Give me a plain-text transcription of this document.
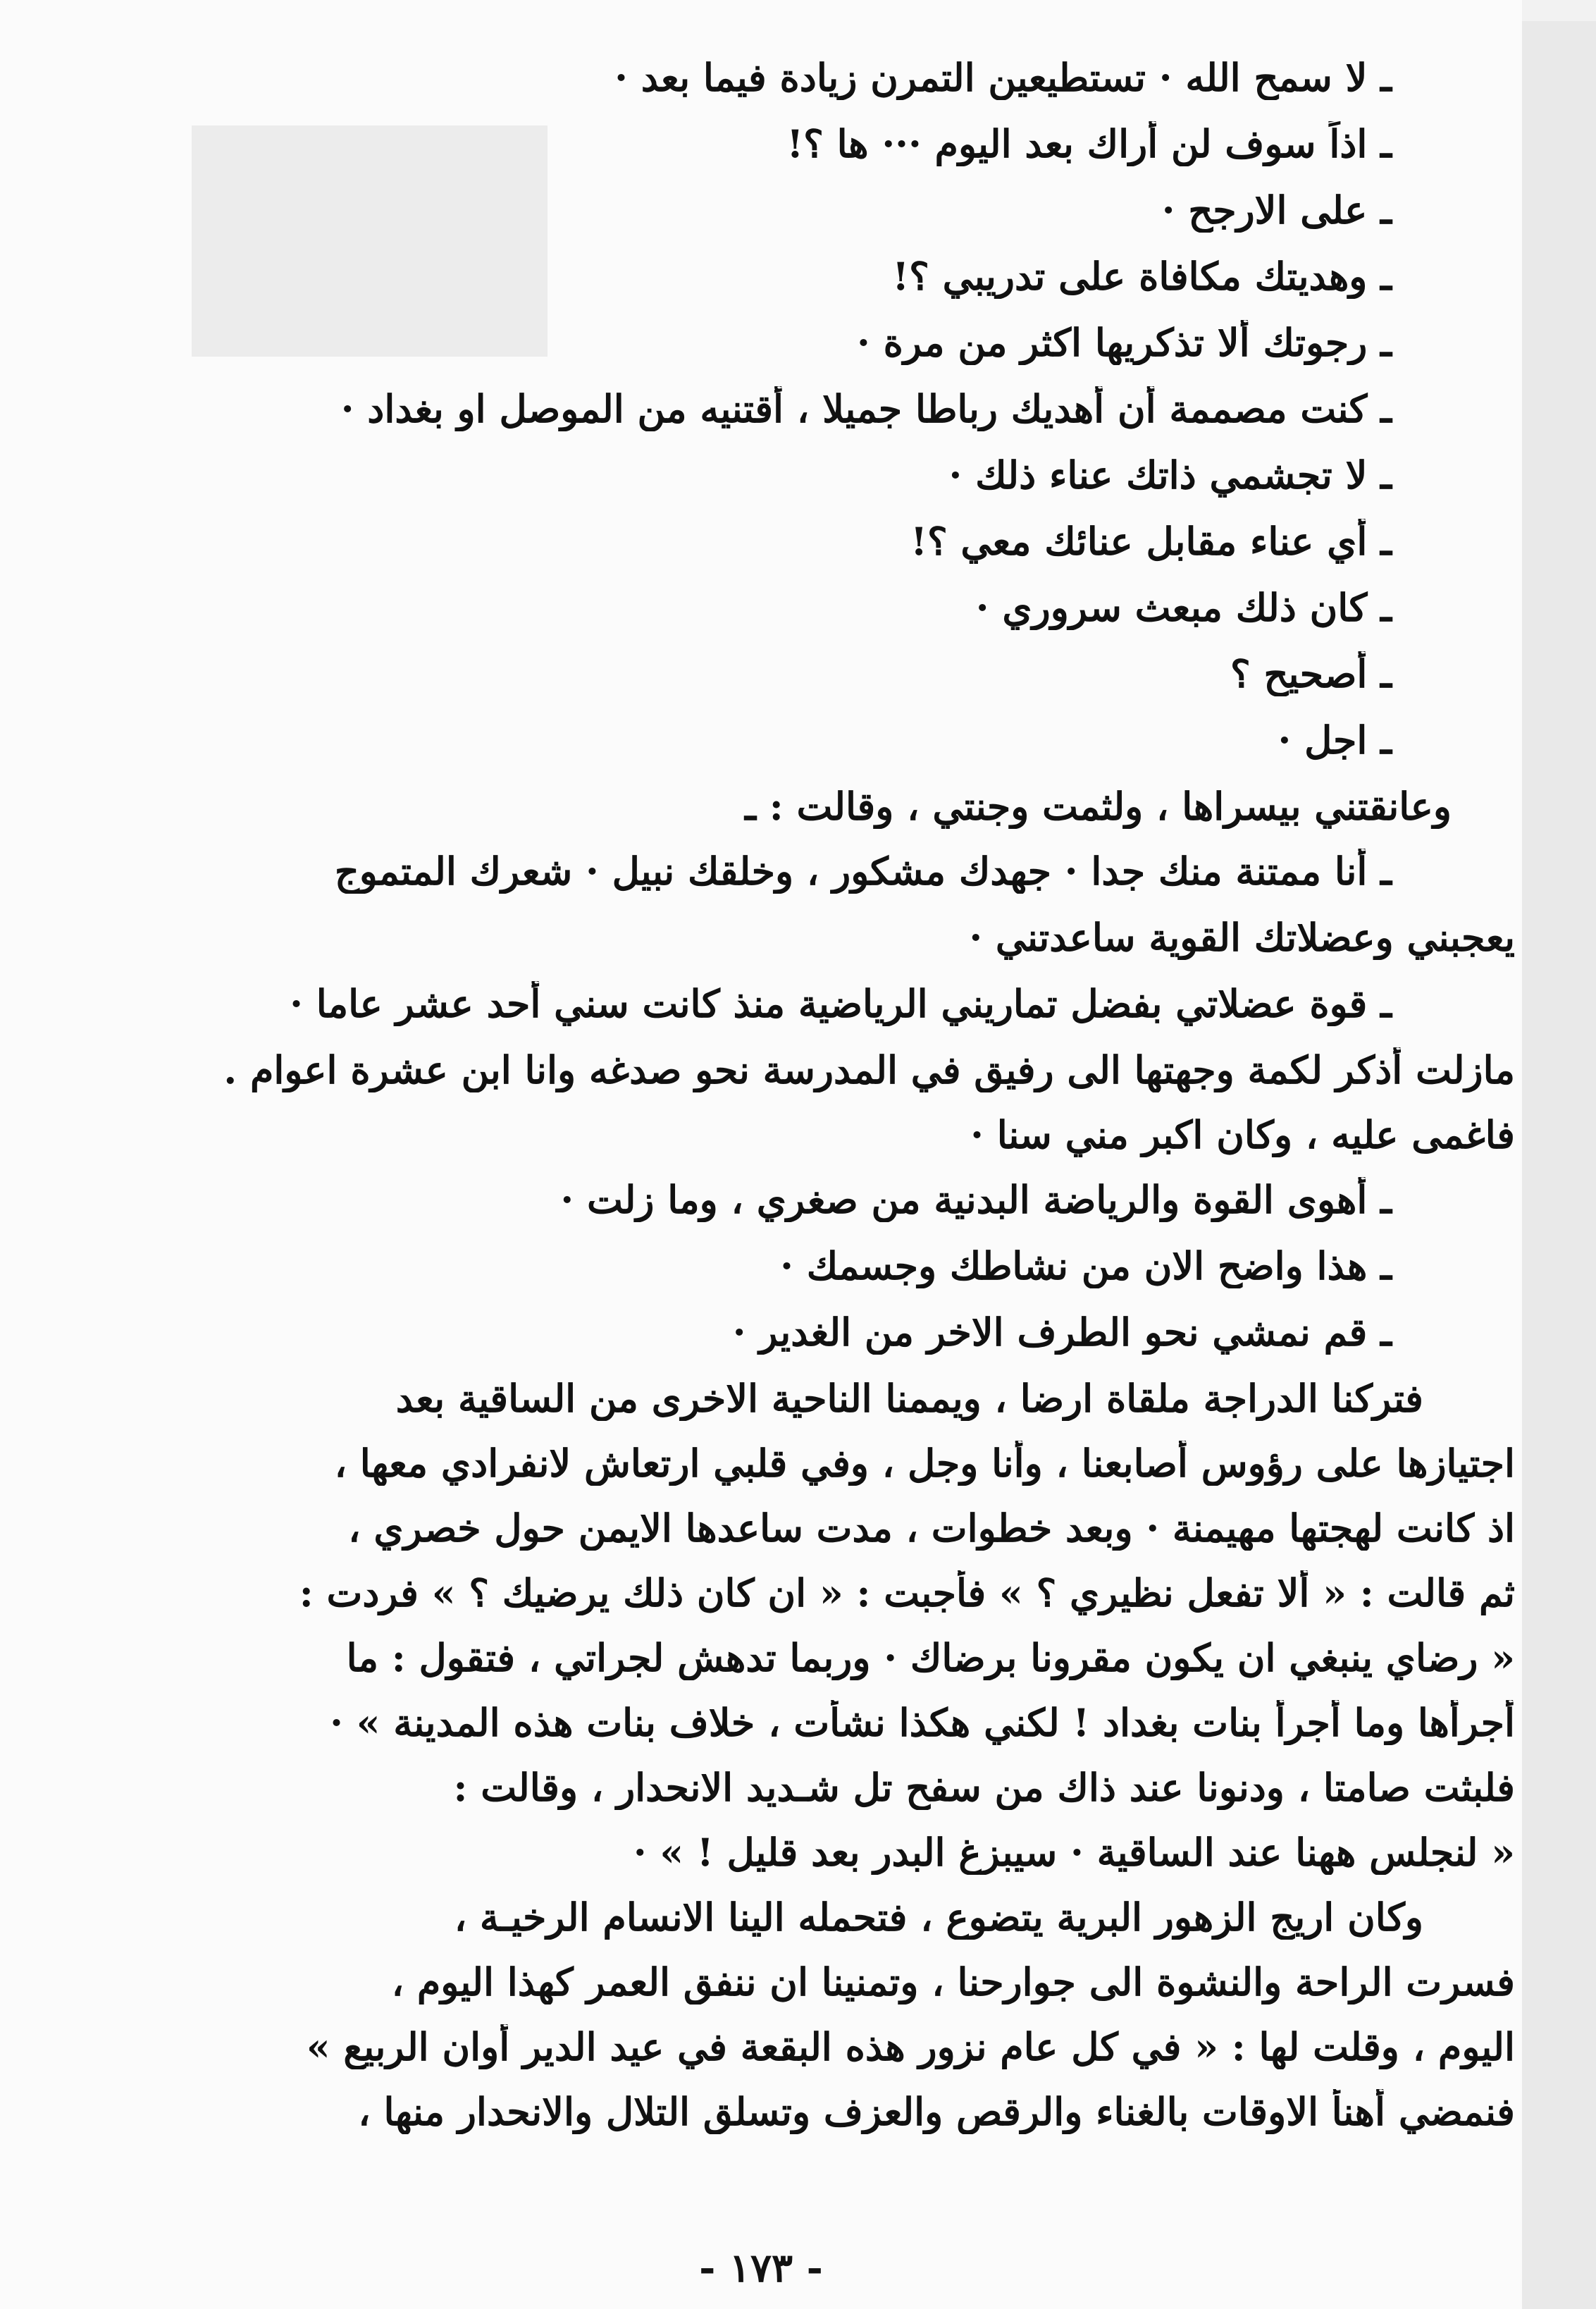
ـ لا سمح الله · تستطيعين التمرن زيادة فيما بعد ·

ـ اذاً سوف لن أراك بعد اليوم ··· ها ؟!

ـ على الارجح ·

ـ وهديتك مكافاة على تدريبي ؟!

ـ رجوتك ألا تذكريها اكثر من مرة ·

ـ كنت مصممة أن أهديك رباطا جميلا ، أقتنيه من الموصل او بغداد ·

ـ لا تجشمي ذاتك عناء ذلك ·

ـ أي عناء مقابل عنائك معي ؟!

ـ كان ذلك مبعث سروري ·

ـ أصحيح ؟

ـ اجل ·

وعانقتني بيسراها ، ولثمت وجنتي ، وقالت : ـ

ـ أنا ممتنة منك جدا · جهدك مشكور ، وخلقك نبيل · شعرك المتموج

يعجبني وعضلاتك القوية ساعدتني ·

ـ قوة عضلاتي بفضل تماريني الرياضية منذ كانت سني أحد عشر عاما ·

مازلت أذكر لكمة وجهتها الى رفيق في المدرسة نحو صدغه وانا ابن عشرة اعوام .

فاغمى عليه ، وكان اكبر مني سنا ·

ـ أهوى القوة والرياضة البدنية من صغري ، وما زلت ·

ـ هذا واضح الان من نشاطك وجسمك ·

ـ قم نمشي نحو الطرف الاخر من الغدير ·

فتركنا الدراجة ملقاة ارضا ، ويممنا الناحية الاخرى من الساقية بعد

اجتيازها على رؤوس أصابعنا ، وأنا وجل ، وفي قلبي ارتعاش لانفرادي معها ،

اذ كانت لهجتها مهيمنة · وبعد خطوات ، مدت ساعدها الايمن حول خصري ،

ثم قالت : « ألا تفعل نظيري ؟ » فأجبت : « ان كان ذلك يرضيك ؟ » فردت :

« رضاي ينبغي ان يكون مقرونا برضاك · وربما تدهش لجراتي ، فتقول : ما

أجرأها وما أجرأ بنات بغداد ! لكني هكذا نشأت ، خلاف بنات هذه المدينة » ·

فلبثت صامتا ، ودنونا عند ذاك من سفح تل شـديد الانحدار ، وقالت :

« لنجلس ههنا عند الساقية · سيبزغ البدر بعد قليل ! » ·

وكان اريج الزهور البرية يتضوع ، فتحمله الينا الانسام الرخيـة ،

فسرت الراحة والنشوة الى جوارحنا ، وتمنينا ان ننفق العمر كهذا اليوم ،

اليوم ، وقلت لها : « في كل عام نزور هذه البقعة في عيد الدير أوان الربيع »

فنمضي أهنأ الاوقات بالغناء والرقص والعزف وتسلق التلال والانحدار منها ،

- ١٧٣ -
